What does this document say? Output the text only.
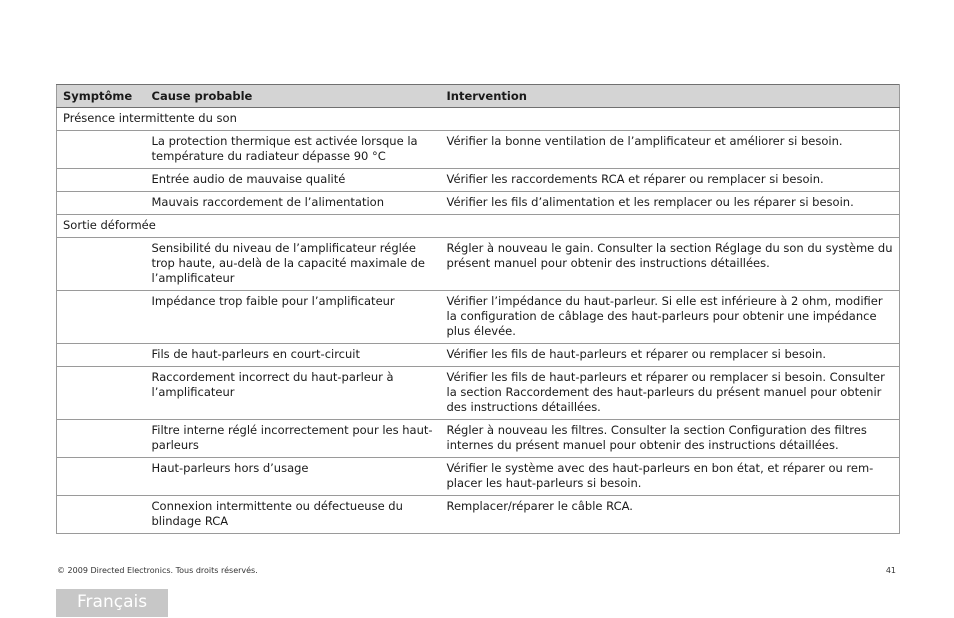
Symptôme	Cause probable	Intervention
Présence intermittente du son		
	La protection thermique est activée lorsque la température du radiateur dépasse 90 °C	Vérifier la bonne ventilation de l’amplificateur et améliorer si besoin.
	Entrée audio de mauvaise qualité	Vérifier les raccordements RCA et réparer ou remplacer si besoin.
	Mauvais raccordement de l’alimentation	Vérifier les fils d’alimentation et les remplacer ou les réparer si besoin.
Sortie déformée		
	Sensibilité du niveau de l’amplificateur réglée trop haute, au-delà de la capacité maximale de l’amplificateur	Régler à nouveau le gain. Consulter la section Réglage du son du système du présent manuel pour obtenir des instructions détaillées.
	Impédance trop faible pour l’amplificateur	Vérifier l’impédance du haut-parleur. Si elle est inférieure à 2 ohm, modifier la configuration de câblage des haut-parleurs pour obtenir une impédance plus élevée.
	Fils de haut-parleurs en court-circuit	Vérifier les fils de haut-parleurs et réparer ou remplacer si besoin.
	Raccordement incorrect du haut-parleur à l’amplificateur	Vérifier les fils de haut-parleurs et réparer ou remplacer si besoin. Consulter la section Raccordement des haut-parleurs du présent manuel pour obtenir des instructions détaillées.
	Filtre interne réglé incorrectement pour les haut-parleurs	Régler à nouveau les filtres. Consulter la section Configuration des filtres internes du présent manuel pour obtenir des instructions détaillées.
	Haut-parleurs hors d’usage	Vérifier le système avec des haut-parleurs en bon état, et réparer ou rem- placer les haut-parleurs si besoin.
	Connexion intermittente ou défectueuse du blindage RCA	Remplacer/réparer le câble RCA.
© 2009 Directed Electronics. Tous droits réservés.	41
Français
